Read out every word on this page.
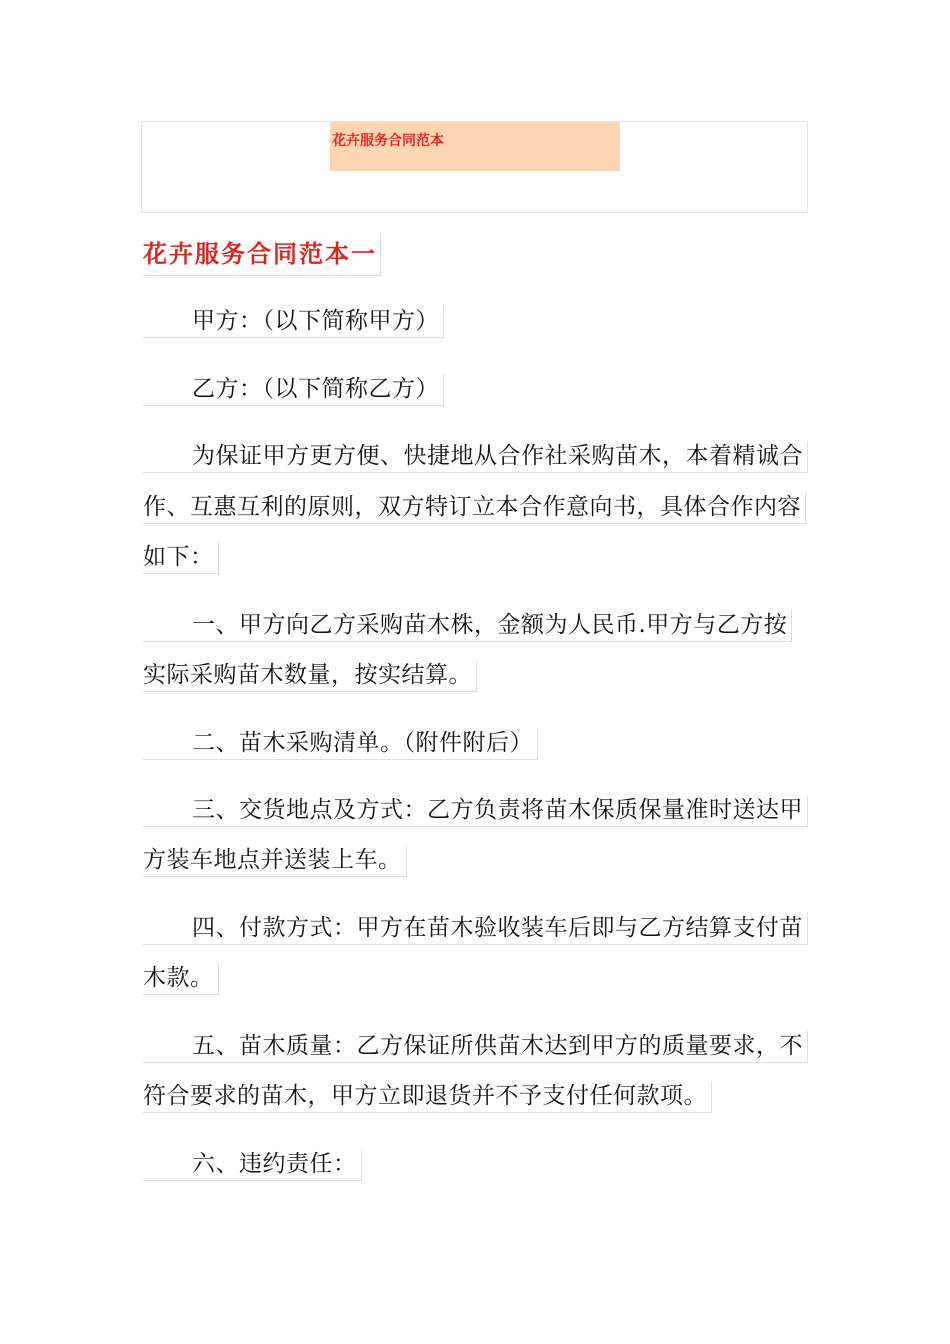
花卉服务合同范本
花卉服务合同范本一
甲方：（以下简称甲方）
乙方：（以下简称乙方）
为保证甲方更方便、快捷地从合作社采购苗木，本着精诚合
作、互惠互利的原则，双方特订立本合作意向书，具体合作内容
如下：
一、甲方向乙方采购苗木株，金额为人民币.甲方与乙方按
实际采购苗木数量，按实结算。
二、苗木采购清单。（附件附后）
三、交货地点及方式：乙方负责将苗木保质保量准时送达甲
方装车地点并送装上车。
四、付款方式：甲方在苗木验收装车后即与乙方结算支付苗
木款。
五、苗木质量：乙方保证所供苗木达到甲方的质量要求，不
符合要求的苗木，甲方立即退货并不予支付任何款项。
六、违约责任：
